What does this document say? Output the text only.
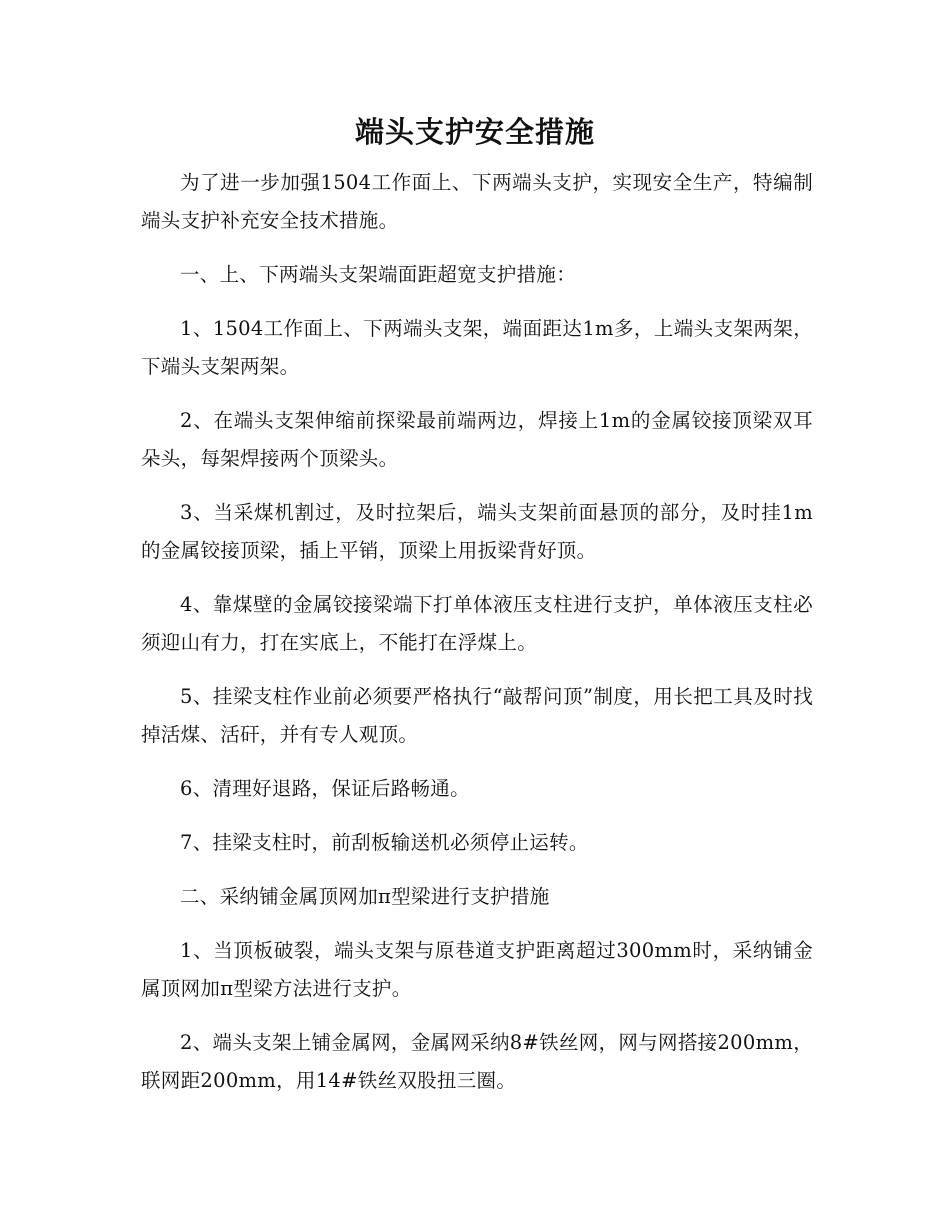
端头支护安全措施

为了进一步加强1504工作面上、下两端头支护，实现安全生产，特编制端头支护补充安全技术措施。

一、上、下两端头支架端面距超宽支护措施：

1、1504工作面上、下两端头支架，端面距达1m多，上端头支架两架，下端头支架两架。

2、在端头支架伸缩前探梁最前端两边，焊接上1m的金属铰接顶梁双耳朵头，每架焊接两个顶梁头。

3、当采煤机割过，及时拉架后，端头支架前面悬顶的部分，及时挂1m的金属铰接顶梁，插上平销，顶梁上用扳梁背好顶。

4、靠煤壁的金属铰接梁端下打单体液压支柱进行支护，单体液压支柱必须迎山有力，打在实底上，不能打在浮煤上。

5、挂梁支柱作业前必须要严格执行“敲帮问顶”制度，用长把工具及时找掉活煤、活矸，并有专人观顶。

6、清理好退路，保证后路畅通。

7、挂梁支柱时，前刮板输送机必须停止运转。

二、采纳铺金属顶网加π型梁进行支护措施

1、当顶板破裂，端头支架与原巷道支护距离超过300mm时，采纳铺金属顶网加π型梁方法进行支护。

2、端头支架上铺金属网，金属网采纳8#铁丝网，网与网搭接200mm，联网距200mm，用14#铁丝双股扭三圈。
